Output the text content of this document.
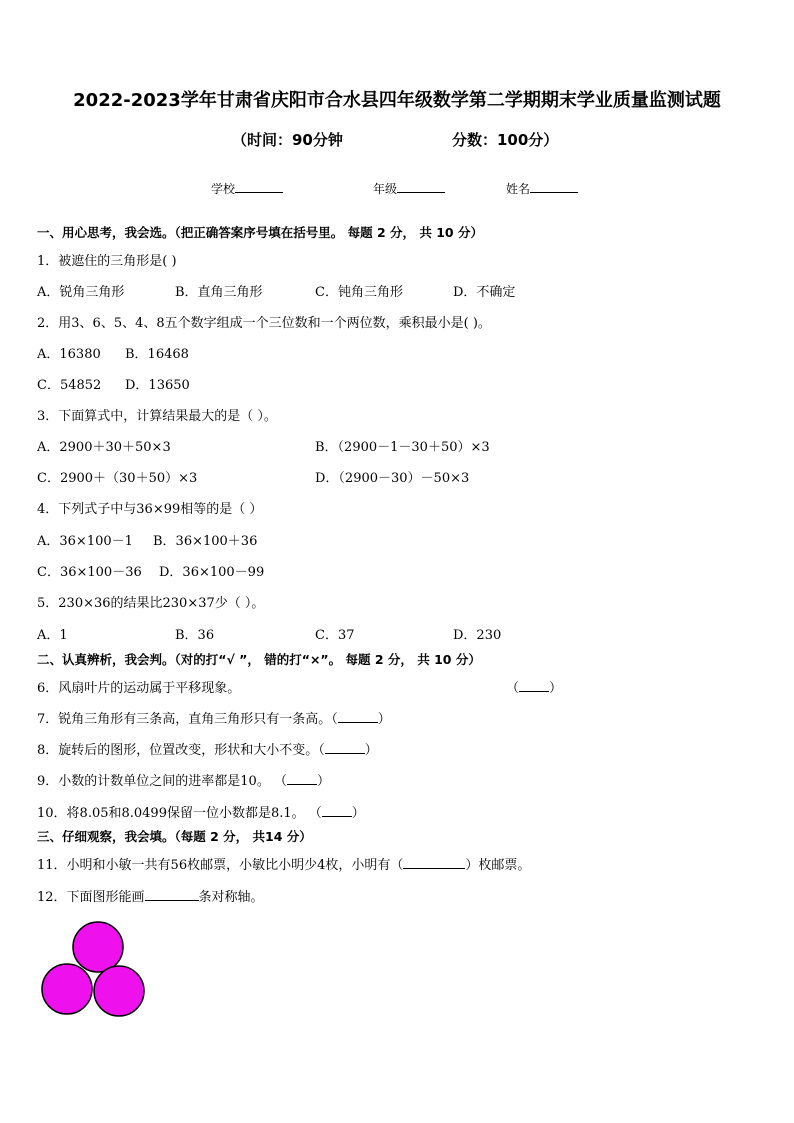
2022-2023学年甘肃省庆阳市合水县四年级数学第二学期期末学业质量监测试题
（时间：90分钟	分数：100分）
学校	年级	姓名
一、用心思考，我会选。（把正确答案序号填在括号里。 每题 2 分， 共 10 分）
1．被遮住的三角形是( )
A．锐角三角形	B．直角三角形	C．钝角三角形	D．不确定
2．用3、6、5、4、8五个数字组成一个三位数和一个两位数，乘积最小是( )。
A．16380 B．16468
C．54852 D．13650
3．下面算式中，计算结果最大的是（ ）。
A．2900＋30＋50×3	B．（2900－1－30＋50）×3
C．2900＋（30＋50）×3	D．（2900－30）－50×3
4．下列式子中与36×99相等的是（ ）
A．36×100－1 B．36×100＋36
C．36×100－36 D．36×100－99
5．230×36的结果比230×37少（ ）。
A．1	B．36	C．37	D．230
二、认真辨析，我会判。（对的打“√ ”， 错的打“×”。 每题 2 分， 共 10 分）
6．风扇叶片的运动属于平移现象。	（ ）
7．锐角三角形有三条高，直角三角形只有一条高。（	）
8．旋转后的图形，位置改变，形状和大小不变。（	）
9．小数的计数单位之间的进率都是10。 （ ）
10．将8.05和8.0499保留一位小数都是8.1。 （ ）
三、仔细观察，我会填。（每题 2 分， 共14 分）
11．小明和小敏一共有56枚邮票，小敏比小明少4枚，小明有（	）枚邮票。
12．下面图形能画	条对称轴。
